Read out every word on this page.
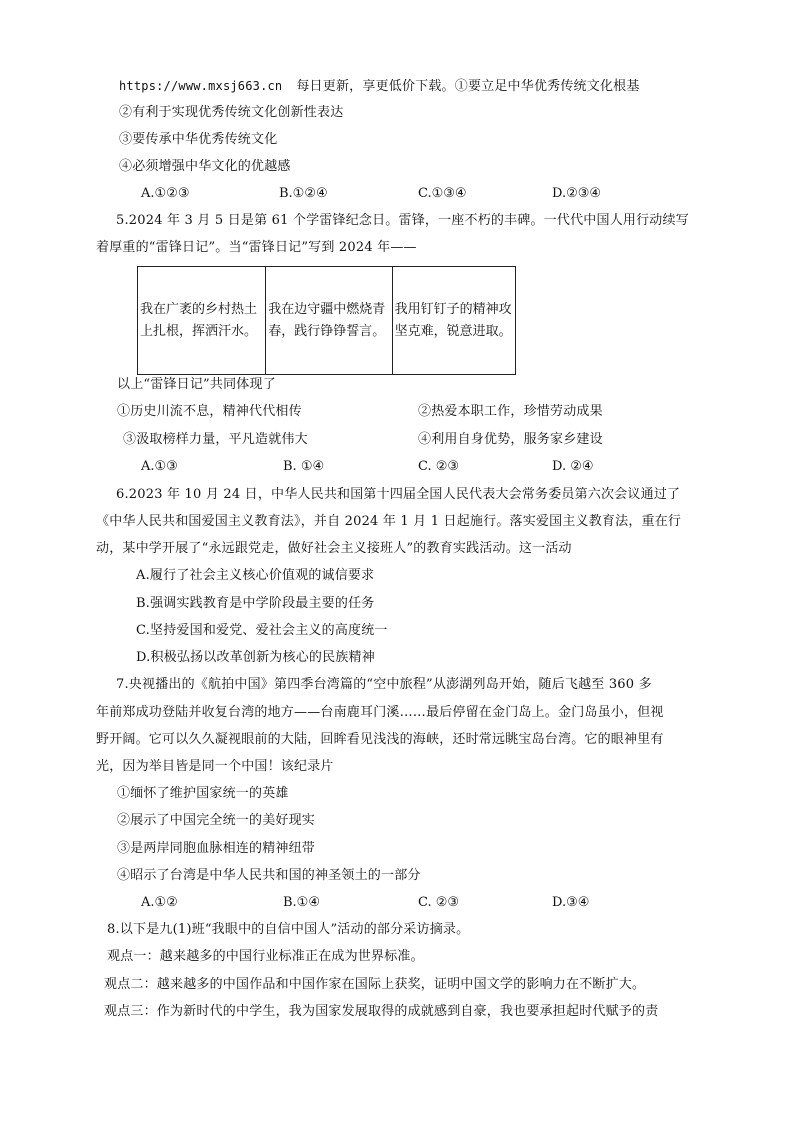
https://www.mxsj663.cn 每日更新，享更低价下载。①要立足中华优秀传统文化根基
②有利于实现优秀传统文化创新性表达
③要传承中华优秀传统文化
④必须增强中华文化的优越感
A.①②③	B.①②④	C.①③④	D.②③④
5.2024 年 3 月 5 日是第 61 个学雷锋纪念日。雷锋，一座不朽的丰碑。一代代中国人用行动续写
着厚重的“雷锋日记”。当“雷锋日记”写到 2024 年——
我在广袤的乡村热土上扎根，挥洒汗水。	我在边守疆中燃烧青春，践行铮铮誓言。	我用钉钉子的精神攻坚克难，锐意进取。
以上“雷锋日记”共同体现了
①历史川流不息，精神代代相传	②热爱本职工作，珍惜劳动成果
③汲取榜样力量，平凡造就伟大	④利用自身优势，服务家乡建设
A.①③	B. ①④	C. ②③	D. ②④
6.2023 年 10 月 24 日，中华人民共和国第十四届全国人民代表大会常务委员第六次会议通过了
《中华人民共和国爱国主义教育法》，并自 2024 年 1 月 1 日起施行。落实爱国主义教育法，重在行
动，某中学开展了“永远跟党走，做好社会主义接班人”的教育实践活动。这一活动
A.履行了社会主义核心价值观的诚信要求
B.强调实践教育是中学阶段最主要的任务
C.坚持爱国和爱党、爱社会主义的高度统一
D.积极弘扬以改革创新为核心的民族精神
7.央视播出的《航拍中国》第四季台湾篇的“空中旅程”从澎湖列岛开始，随后飞越至 360 多
年前郑成功登陆并收复台湾的地方——台南鹿耳门溪……最后停留在金门岛上。金门岛虽小，但视
野开阔。它可以久久凝视眼前的大陆，回眸看见浅浅的海峡，还时常远眺宝岛台湾。它的眼神里有
光，因为举目皆是同一个中国！该纪录片
①缅怀了维护国家统一的英雄
②展示了中国完全统一的美好现实
③是两岸同胞血脉相连的精神纽带
④昭示了台湾是中华人民共和国的神圣领土的一部分
A.①②	B.①④	C. ②③	D.③④
8.以下是九(1)班“我眼中的自信中国人”活动的部分采访摘录。
观点一：越来越多的中国行业标准正在成为世界标准。
观点二：越来越多的中国作品和中国作家在国际上获奖，证明中国文学的影响力在不断扩大。
观点三：作为新时代的中学生，我为国家发展取得的成就感到自豪，我也要承担起时代赋予的责
